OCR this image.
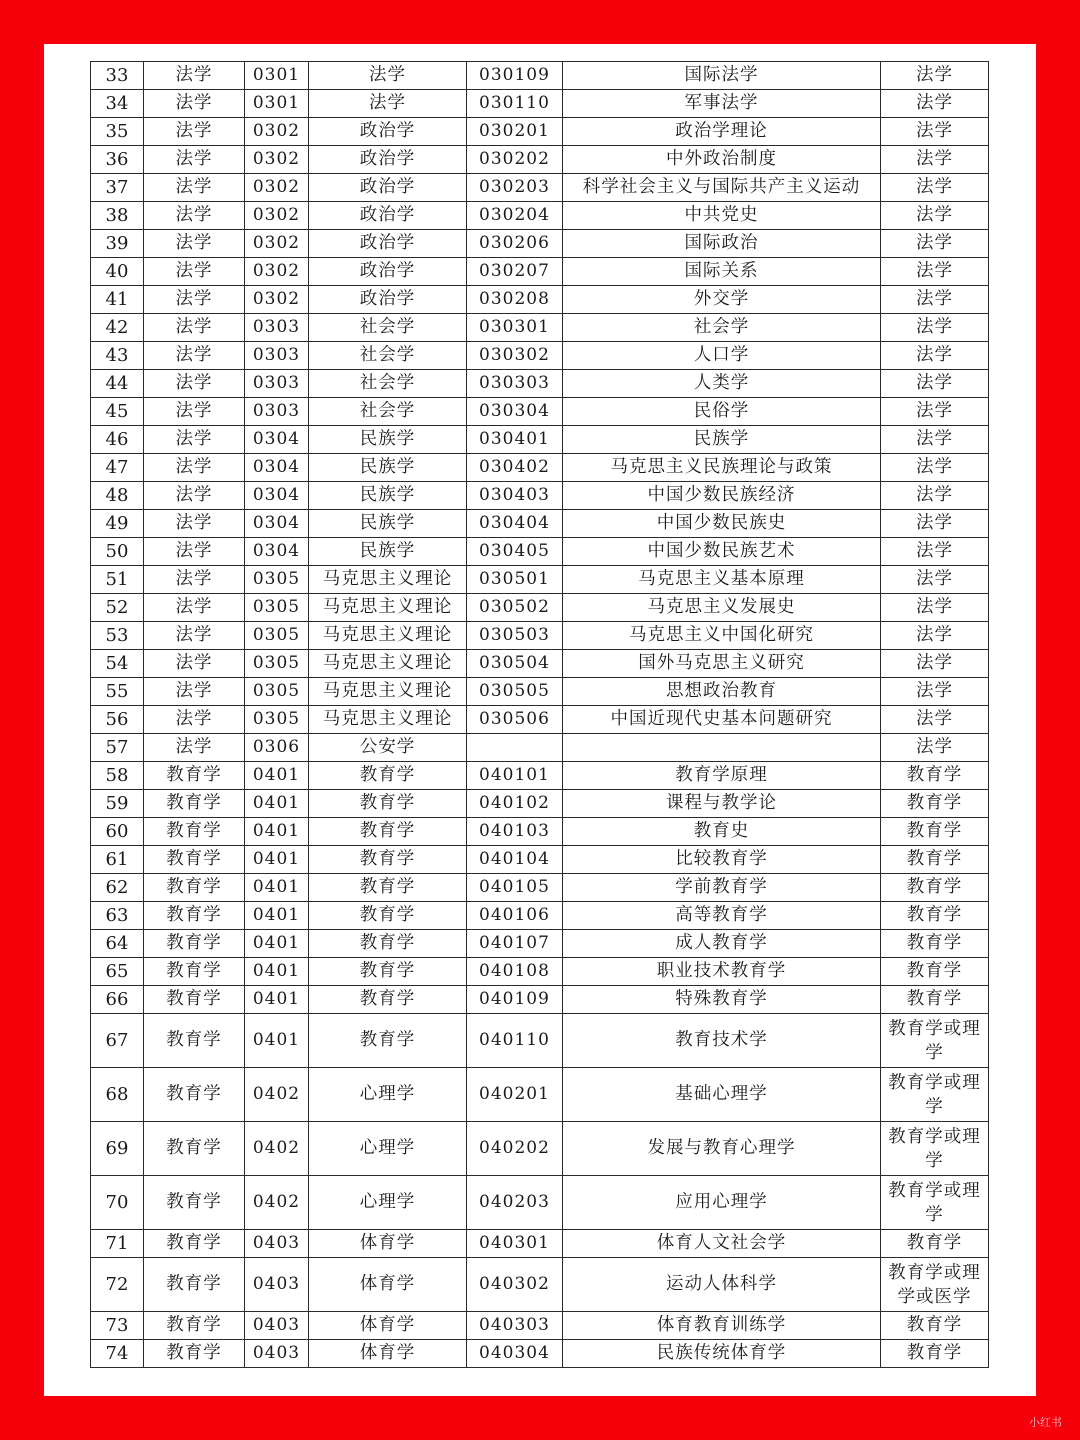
33	法学	0301	法学	030109	国际法学	法学
34	法学	0301	法学	030110	军事法学	法学
35	法学	0302	政治学	030201	政治学理论	法学
36	法学	0302	政治学	030202	中外政治制度	法学
37	法学	0302	政治学	030203	科学社会主义与国际共产主义运动	法学
38	法学	0302	政治学	030204	中共党史	法学
39	法学	0302	政治学	030206	国际政治	法学
40	法学	0302	政治学	030207	国际关系	法学
41	法学	0302	政治学	030208	外交学	法学
42	法学	0303	社会学	030301	社会学	法学
43	法学	0303	社会学	030302	人口学	法学
44	法学	0303	社会学	030303	人类学	法学
45	法学	0303	社会学	030304	民俗学	法学
46	法学	0304	民族学	030401	民族学	法学
47	法学	0304	民族学	030402	马克思主义民族理论与政策	法学
48	法学	0304	民族学	030403	中国少数民族经济	法学
49	法学	0304	民族学	030404	中国少数民族史	法学
50	法学	0304	民族学	030405	中国少数民族艺术	法学
51	法学	0305	马克思主义理论	030501	马克思主义基本原理	法学
52	法学	0305	马克思主义理论	030502	马克思主义发展史	法学
53	法学	0305	马克思主义理论	030503	马克思主义中国化研究	法学
54	法学	0305	马克思主义理论	030504	国外马克思主义研究	法学
55	法学	0305	马克思主义理论	030505	思想政治教育	法学
56	法学	0305	马克思主义理论	030506	中国近现代史基本问题研究	法学
57	法学	0306	公安学			法学
58	教育学	0401	教育学	040101	教育学原理	教育学
59	教育学	0401	教育学	040102	课程与教学论	教育学
60	教育学	0401	教育学	040103	教育史	教育学
61	教育学	0401	教育学	040104	比较教育学	教育学
62	教育学	0401	教育学	040105	学前教育学	教育学
63	教育学	0401	教育学	040106	高等教育学	教育学
64	教育学	0401	教育学	040107	成人教育学	教育学
65	教育学	0401	教育学	040108	职业技术教育学	教育学
66	教育学	0401	教育学	040109	特殊教育学	教育学
67	教育学	0401	教育学	040110	教育技术学	教育学或理学
68	教育学	0402	心理学	040201	基础心理学	教育学或理学
69	教育学	0402	心理学	040202	发展与教育心理学	教育学或理学
70	教育学	0402	心理学	040203	应用心理学	教育学或理学
71	教育学	0403	体育学	040301	体育人文社会学	教育学
72	教育学	0403	体育学	040302	运动人体科学	教育学或理学或医学
73	教育学	0403	体育学	040303	体育教育训练学	教育学
74	教育学	0403	体育学	040304	民族传统体育学	教育学
小红书
